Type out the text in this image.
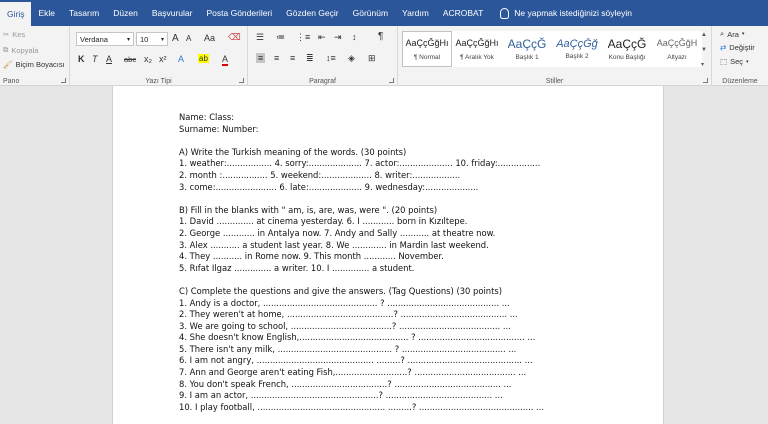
Giriş	Ekle	Tasarım	Düzen	Başvurular	Posta Gönderileri	Gözden Geçir	Görünüm	Yardım	ACROBAT	Ne yapmak istediğinizi söyleyin
✂ Kes
⧉ Kopyala
🖌 Biçim Boyacısı
Pano
Verdana	▾ 10 ▾ A A Aa ⌫
K T A abc x₂ x² A ab A
Yazı Tipi
☰ ≔ ⋮≡ ⇤ ⇥ ↕ ¶
≡ ≡ ≡ ≣ ↕≡ ◈ ⊞
Paragraf
AaÇçĞğHı
¶ Normal
AaÇçĞğHı
¶ Aralık Yok
AaÇçĞ
Başlık 1
AaÇçĞğ
Başlık 2
AaÇçĞ
Konu Başlığı
AaÇçĞğH
Altyazı
▲
▼
▾
Stiller
⌕ Ara ▾
⇄ Değiştir
⬚ Seç ▾
Düzenleme
Name: Class:
Surname: Number:
A) Write the Turkish meaning of the words. (30 points)
1. weather:................. 4. sorry:.................... 7. actor:.................... 10. friday:................
2. month :................. 5. weekend:................... 8. writer:..................
3. come:....................... 6. late:.................... 9. wednesday:....................
B) Fill in the blanks with " am, is, are, was, were ". (20 points)
1. David .............. at cinema yesterday. 6. I ............ born in Kızıltepe.
2. George ............ in Antalya now. 7. Andy and Sally ........... at theatre now.
3. Alex ........... a student last year. 8. We ............. in Mardin last weekend.
4. They ........... in Rome now. 9. This month ............ November.
5. Rıfat Ilgaz .............. a writer. 10. I .............. a student.
C) Complete the questions and give the answers. (Tag Questions) (30 points)
1. Andy is a doctor, ........................................... ? .......................................... ...
2. They weren't at home, ........................................? ........................................ ...
3. We are going to school, ......................................? ...................................... ...
4. She doesn't know English,......................................... ? ........................................ ...
5. There isn't any milk, ........................................... ? ....................................... ...
6. I am not angry, ............................................ .........? ........................................... ...
7. Ann and George aren't eating Fish,...........................? ...................................... ...
8. You don't speak French, ....................................? ........................................ ...
9. I am an actor, ................................................? ........................................ ...
10. I play football, ................................................ .........? ........................................... ...
